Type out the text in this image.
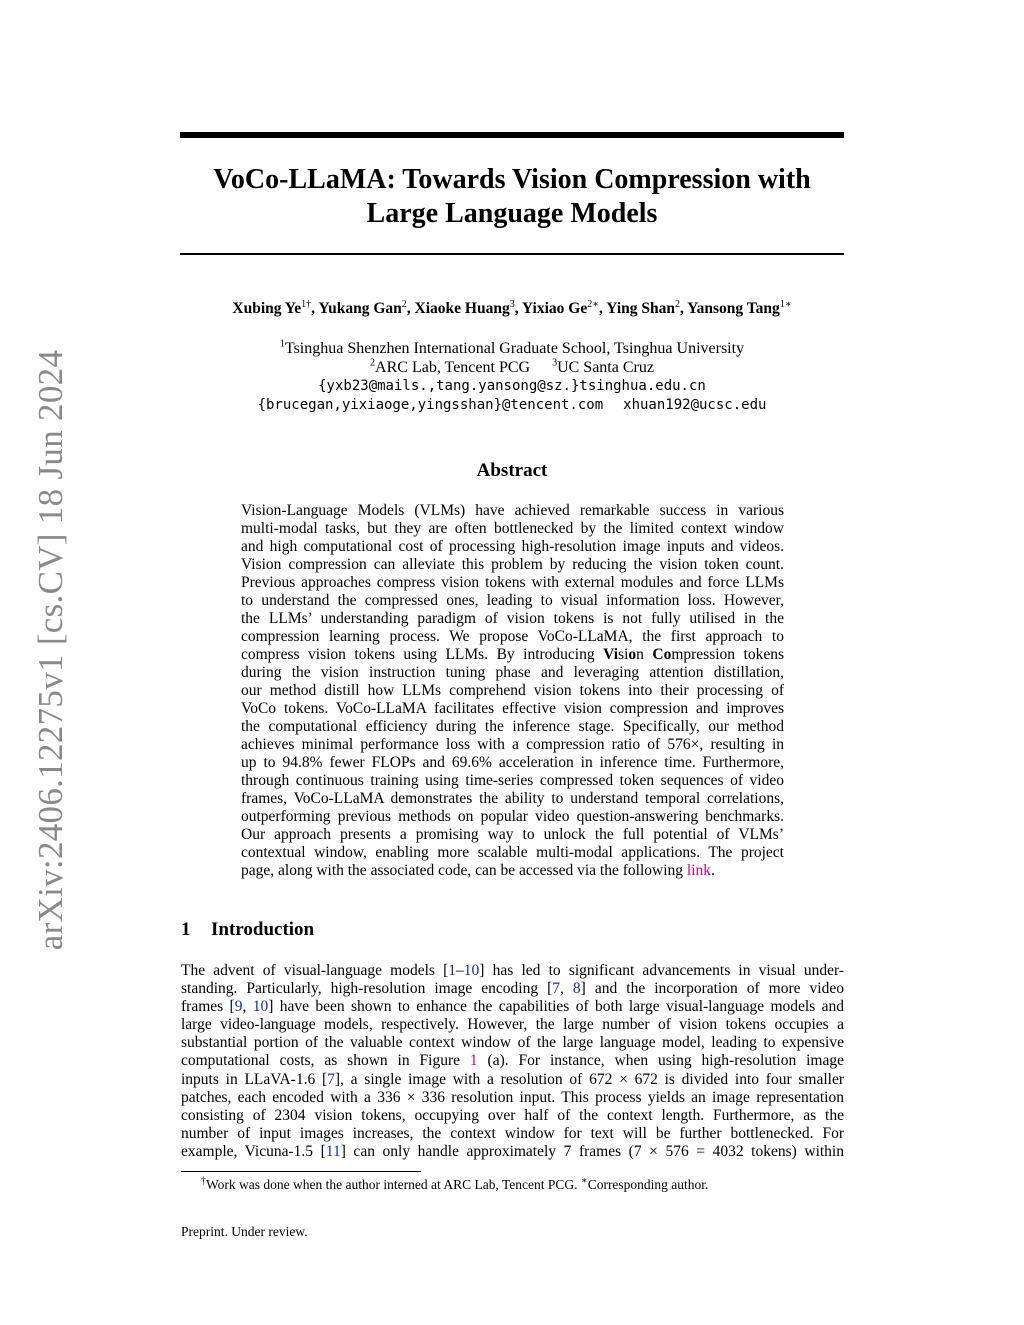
arXiv:2406.12275v1 [cs.CV] 18 Jun 2024
VoCo-LLaMA: Towards Vision Compression with
Large Language Models
Xubing $Ye^{1\dagger}$, Yukang Gan$^2$, Xiaoke Huang$^3$, Yixiao $Ge^{2∗}$, Ying Shan$^2$, Yansong Tang$^{1∗}$
$^1$Tsinghua Shenzhen International Graduate School, Tsinghua University
$^2$ARC Lab, Tencent PCG $^3$UC Santa Cruz
{yxb23@mails.,tang.yansong@sz.}tsinghua.edu.cn
{brucegan,yixiaoge,yingsshan}@tencent.com xhuan192@ucsc.edu
Abstract
Vision-Language Models (VLMs) have achieved remarkable success in various
multi-modal tasks, but they are often bottlenecked by the limited context window
and high computational cost of processing high-resolution image inputs and videos.
Vision compression can alleviate this problem by reducing the vision token count.
Previous approaches compress vision tokens with external modules and force LLMs
to understand the compressed ones, leading to visual information loss. However,
the LLMs’ understanding paradigm of vision tokens is not fully utilised in the
compression learning process. We propose VoCo-LLaMA, the first approach to
compress vision tokens using LLMs. By introducing Vision Compression tokens
during the vision instruction tuning phase and leveraging attention distillation,
our method distill how LLMs comprehend vision tokens into their processing of
VoCo tokens. VoCo-LLaMA facilitates effective vision compression and improves
the computational efficiency during the inference stage. Specifically, our method
achieves minimal performance loss with a compression ratio of 576×, resulting in
up to 94.8% fewer FLOPs and 69.6% acceleration in inference time. Furthermore,
through continuous training using time-series compressed token sequences of video
frames, VoCo-LLaMA demonstrates the ability to understand temporal correlations,
outperforming previous methods on popular video question-answering benchmarks.
Our approach presents a promising way to unlock the full potential of VLMs’
contextual window, enabling more scalable multi-modal applications. The project
page, along with the associated code, can be accessed via the following link.
1 Introduction
The advent of visual-language models [1–10] has led to significant advancements in visual under-
standing. Particularly, high-resolution image encoding [7, 8] and the incorporation of more video
frames [9, 10] have been shown to enhance the capabilities of both large visual-language models and
large video-language models, respectively. However, the large number of vision tokens occupies a
substantial portion of the valuable context window of the large language model, leading to expensive
computational costs, as shown in Figure 1 (a). For instance, when using high-resolution image
inputs in LLaVA-1.6 [7], a single image with a resolution of 672 × 672 is divided into four smaller
patches, each encoded with a 336 × 336 resolution input. This process yields an image representation
consisting of 2304 vision tokens, occupying over half of the context length. Furthermore, as the
number of input images increases, the context window for text will be further bottlenecked. For
example, Vicuna-1.5 [11] can only handle approximately 7 frames (7 × 576 = 4032 tokens) within
†Work was done when the author interned at ARC Lab, Tencent PCG. ∗Corresponding author.
Preprint. Under review.
